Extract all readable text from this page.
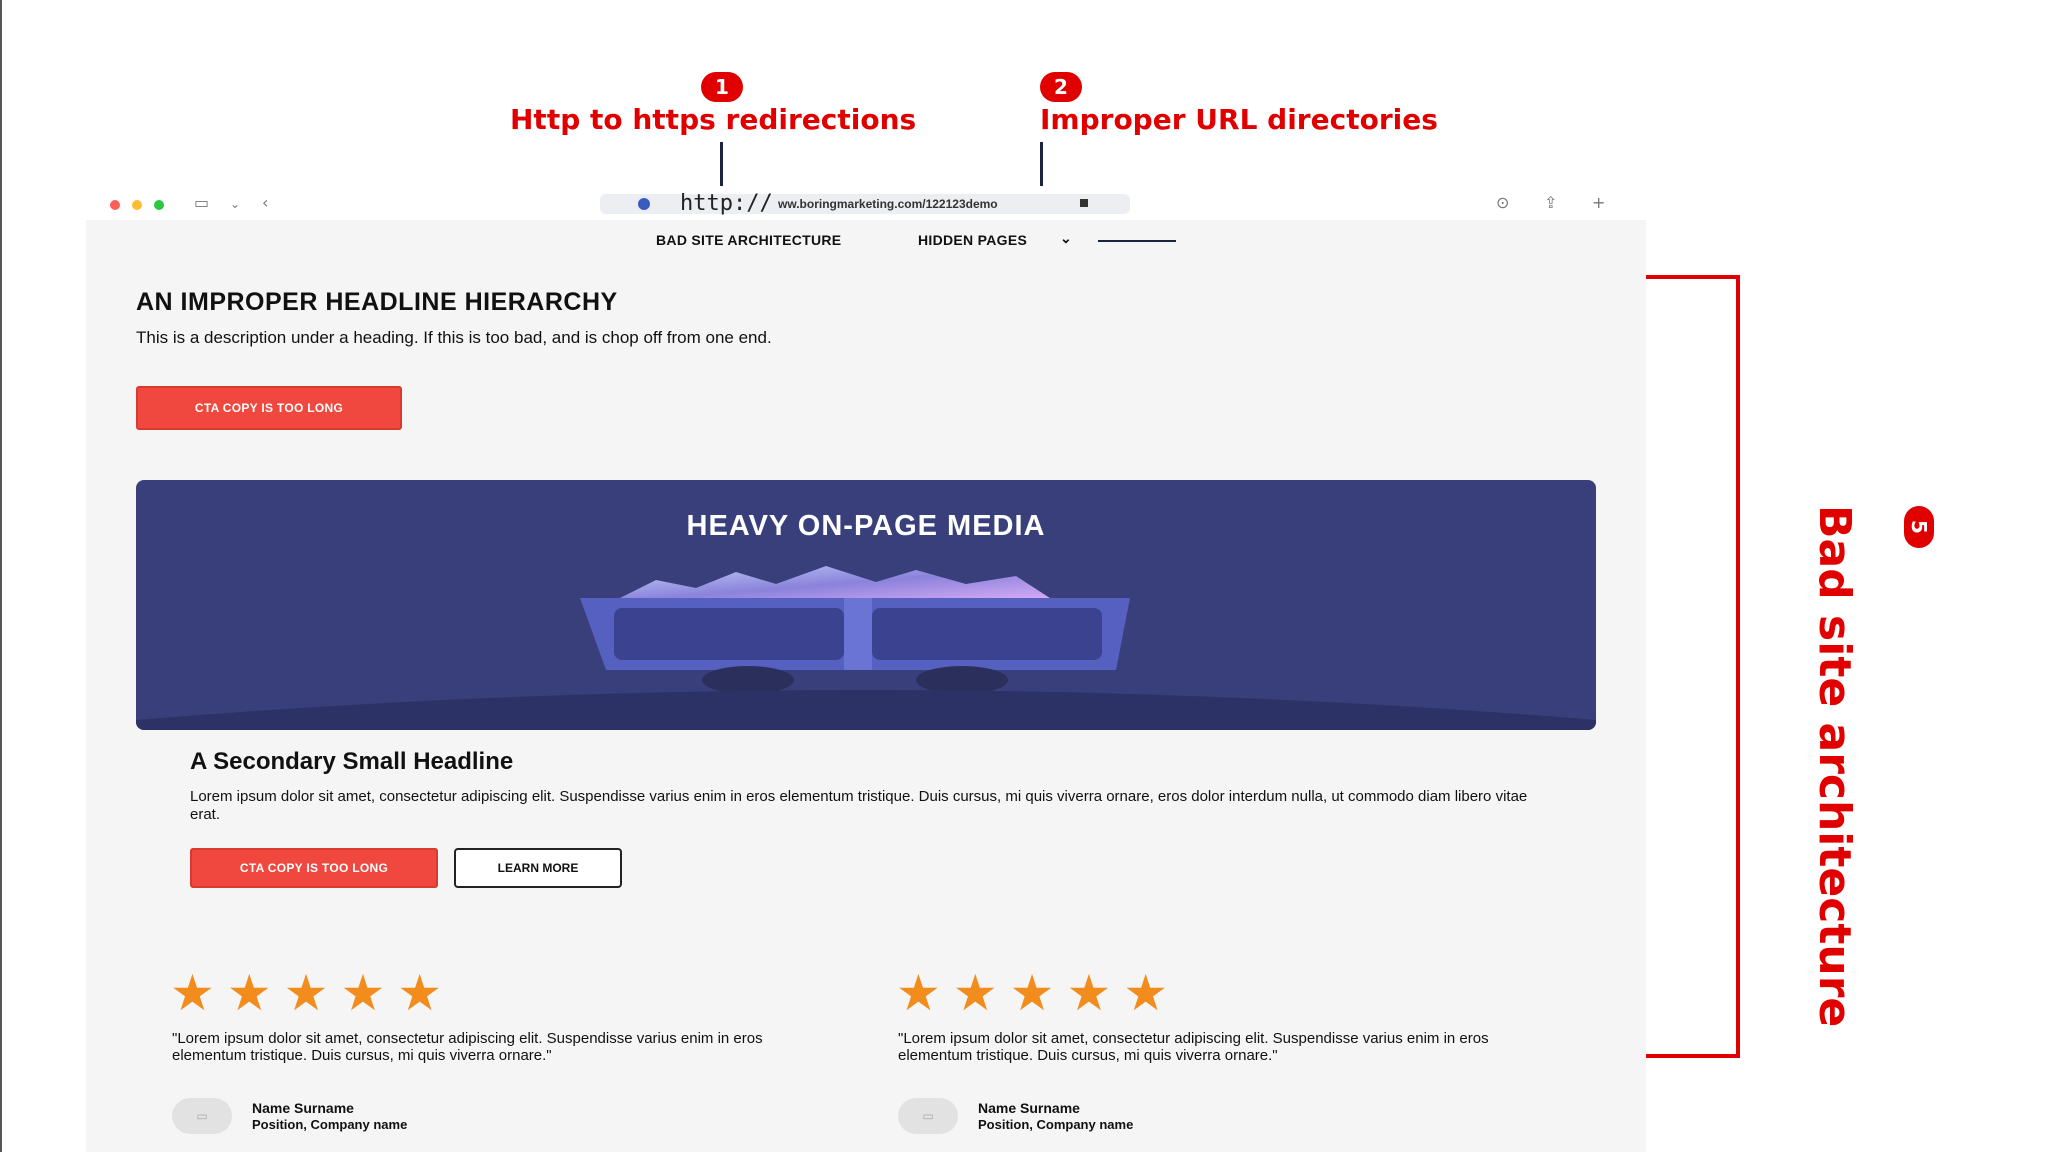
1
Http to https redirections
2
Improper URL directories
▭ ⌄ ‹	http:// ww.boringmarketing.com/122123demo	⊙ ⇪ +
BAD SITE ARCHITECTURE	HIDDEN PAGES ⌄
AN IMPROPER HEADLINE HIERARCHY
This is a description under a heading. If this is too bad, and is chop off from one end.
CTA COPY IS TOO LONG
HEAVY ON-PAGE MEDIA
A Secondary Small Headline
Lorem ipsum dolor sit amet, consectetur adipiscing elit. Suspendisse varius enim in eros elementum tristique. Duis cursus, mi quis viverra ornare, eros dolor interdum nulla, ut commodo diam libero vitae erat.
CTA COPY IS TOO LONG	LEARN MORE
★★★★★
"Lorem ipsum dolor sit amet, consectetur adipiscing elit. Suspendisse varius enim in eros elementum tristique. Duis cursus, mi quis viverra ornare."
▭	Name Surname
Position, Company name
★★★★★
"Lorem ipsum dolor sit amet, consectetur adipiscing elit. Suspendisse varius enim in eros elementum tristique. Duis cursus, mi quis viverra ornare."
▭	Name Surname
Position, Company name
5
Bad site architecture
